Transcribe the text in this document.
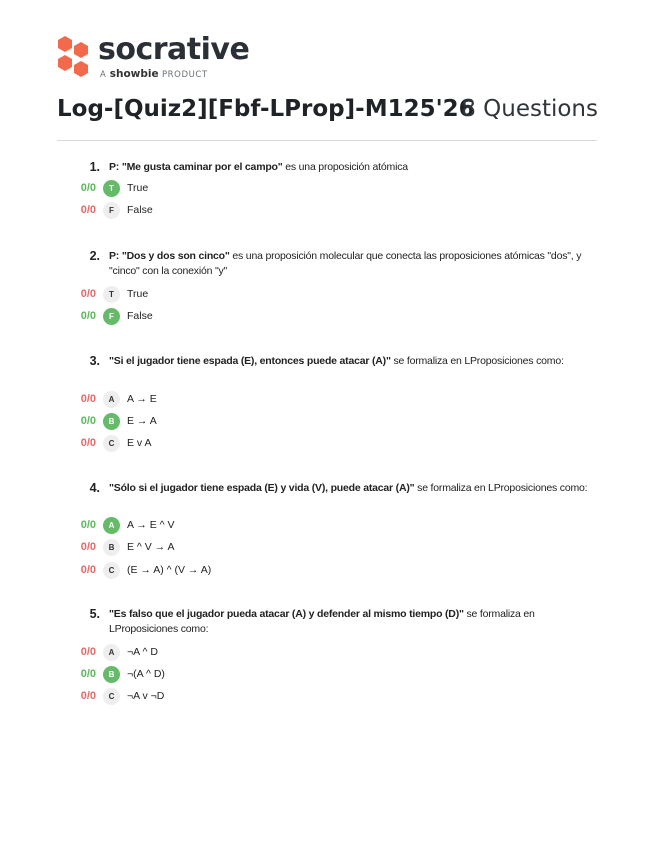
socrative
A showbie PRODUCT
Log-[Quiz2][Fbf-LProp]-M125'26
8 Questions
1. P: "Me gusta caminar por el campo" es una proposición atómica
0/0	T	True
0/0	F	False
2. P: "Dos y dos son cinco" es una proposición molecular que conecta las proposiciones atómicas "dos", y "cinco" con la conexión "y"
0/0	T	True
0/0	F	False
3. "Si el jugador tiene espada (E), entonces puede atacar (A)" se formaliza en LProposiciones como:
0/0	A	A → E
0/0	B	E → A
0/0	C	E v A
4. "Sólo si el jugador tiene espada (E) y vida (V), puede atacar (A)" se formaliza en LProposiciones como:
0/0	A	A → E ^ V
0/0	B	E ^ V → A
0/0	C	(E → A) ^ (V → A)
5. "Es falso que el jugador pueda atacar (A) y defender al mismo tiempo (D)" se formaliza en LProposiciones como:
0/0	A	¬A ^ D
0/0	B	¬(A ^ D)
0/0	C	¬A v ¬D
